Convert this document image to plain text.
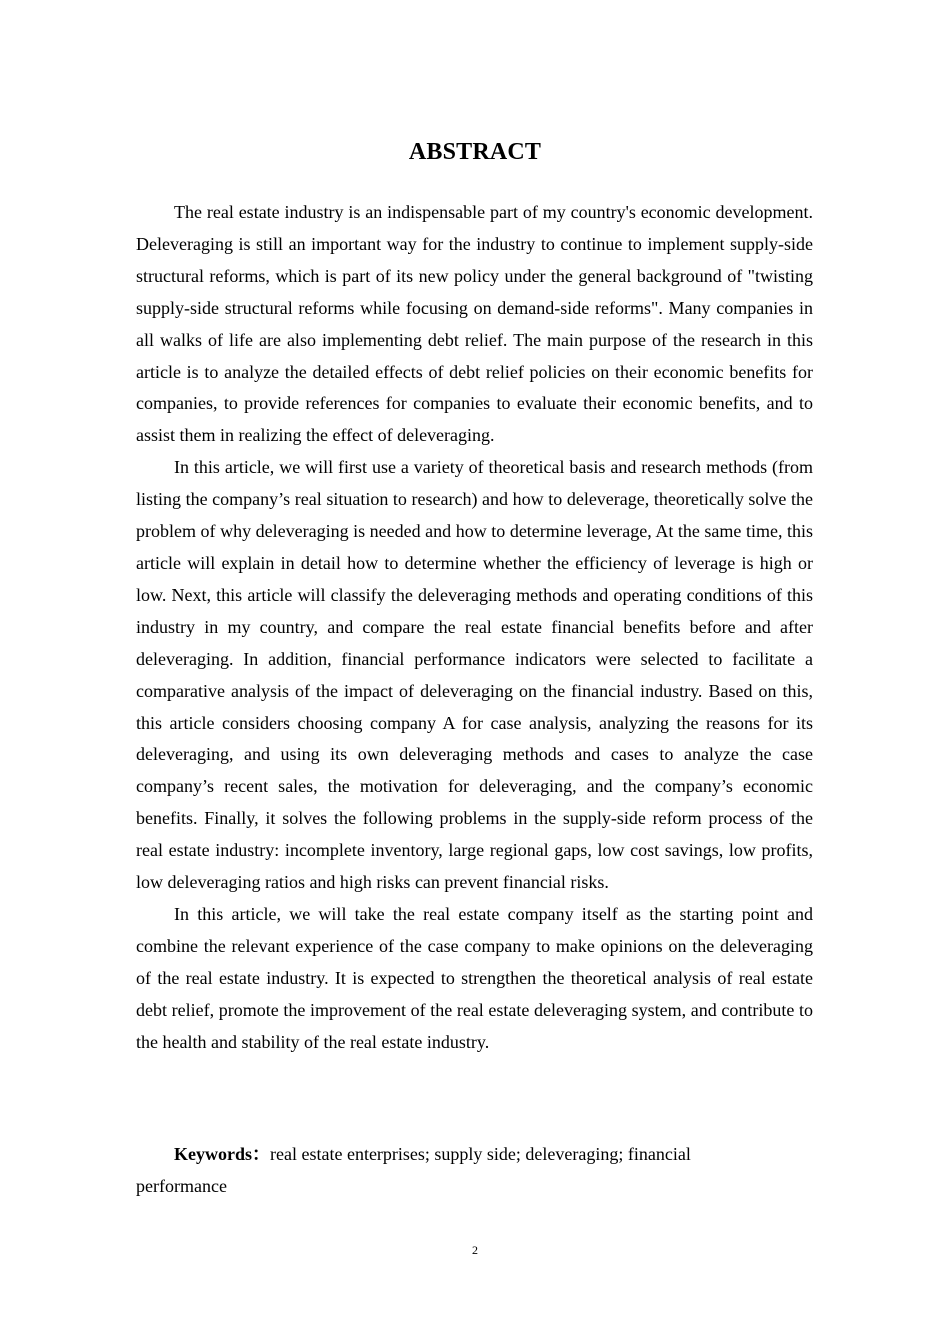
ABSTRACT

The real estate industry is an indispensable part of my country's economic development. Deleveraging is still an important way for the industry to continue to implement supply-side structural reforms, which is part of its new policy under the general background of "twisting supply-side structural reforms while focusing on demand-side reforms". Many companies in all walks of life are also implementing debt relief. The main purpose of the research in this article is to analyze the detailed effects of debt relief policies on their economic benefits for companies, to provide references for companies to evaluate their economic benefits, and to assist them in realizing the effect of deleveraging.

In this article, we will first use a variety of theoretical basis and research methods (from listing the company’s real situation to research) and how to deleverage, theoretically solve the problem of why deleveraging is needed and how to determine leverage, At the same time, this article will explain in detail how to determine whether the efficiency of leverage is high or low. Next, this article will classify the deleveraging methods and operating conditions of this industry in my country, and compare the real estate financial benefits before and after deleveraging. In addition, financial performance indicators were selected to facilitate a comparative analysis of the impact of deleveraging on the financial industry. Based on this, this article considers choosing company A for case analysis, analyzing the reasons for its deleveraging, and using its own deleveraging methods and cases to analyze the case company’s recent sales, the motivation for deleveraging, and the company’s economic benefits. Finally, it solves the following problems in the supply-side reform process of the real estate industry: incomplete inventory, large regional gaps, low cost savings, low profits, low deleveraging ratios and high risks can prevent financial risks.

In this article, we will take the real estate company itself as the starting point and combine the relevant experience of the case company to make opinions on the deleveraging of the real estate industry. It is expected to strengthen the theoretical analysis of real estate debt relief, promote the improvement of the real estate deleveraging system, and contribute to the health and stability of the real estate industry.

Keywords：real estate enterprises; supply side; deleveraging; financial performance

2
